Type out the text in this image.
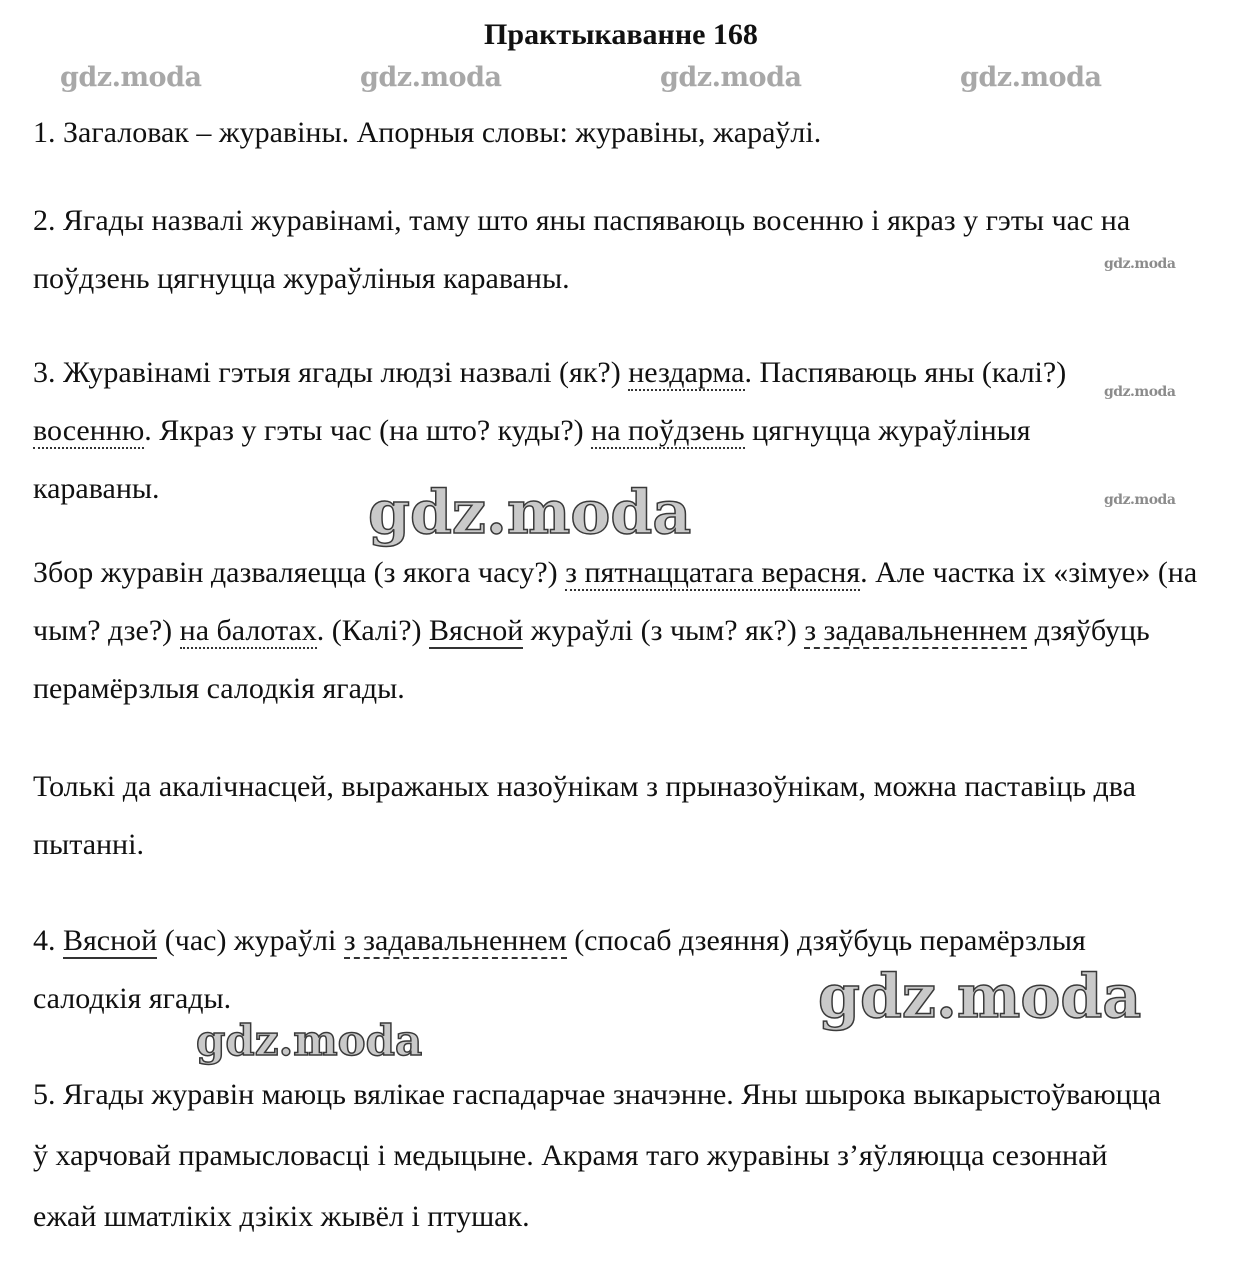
Практыкаванне 168
gdz.moda	gdz.moda	gdz.moda	gdz.moda

1. Загаловак – журавіны. Апорныя словы: журавіны, жараўлі.

2. Ягады назвалі журавінамі, таму што яны паспяваюць восенню і якраз у гэты час на поўдзень цягнуцца жураўліныя караваны.

3. Журавінамі гэтыя ягады людзі назвалі (як?) нездарма. Паспяваюць яны (калі?) восенню. Якраз у гэты час (на што? куды?) на поўдзень цягнуцца жураўліныя караваны.

Збор журавін дазваляецца (з якога часу?) з пятнаццатага верасня. Але частка іх «зімуе» (на чым? дзе?) на балотах. (Калі?) Вясной жураўлі (з чым? як?) з задавальненнем дзяўбуць перамёрзлыя салодкія ягады.

Толькі да акалічнасцей, выражаных назоўнікам з прыназоўнікам, можна паставіць два пытанні.

4. Вясной (час) жураўлі з задавальненнем (спосаб дзеяння) дзяўбуць перамёрзлыя салодкія ягады.

5. Ягады журавін маюць вялікае гаспадарчае значэнне. Яны шырока выкарыстоўваюцца ў харчовай прамысловасці і медыцыне. Акрамя таго журавіны з’яўляюцца сезоннай ежай шматлікіх дзікіх жывёл і птушак.

gdz.moda
gdz.moda
gdz.moda
gdz.moda
gdz.moda
gdz.moda
